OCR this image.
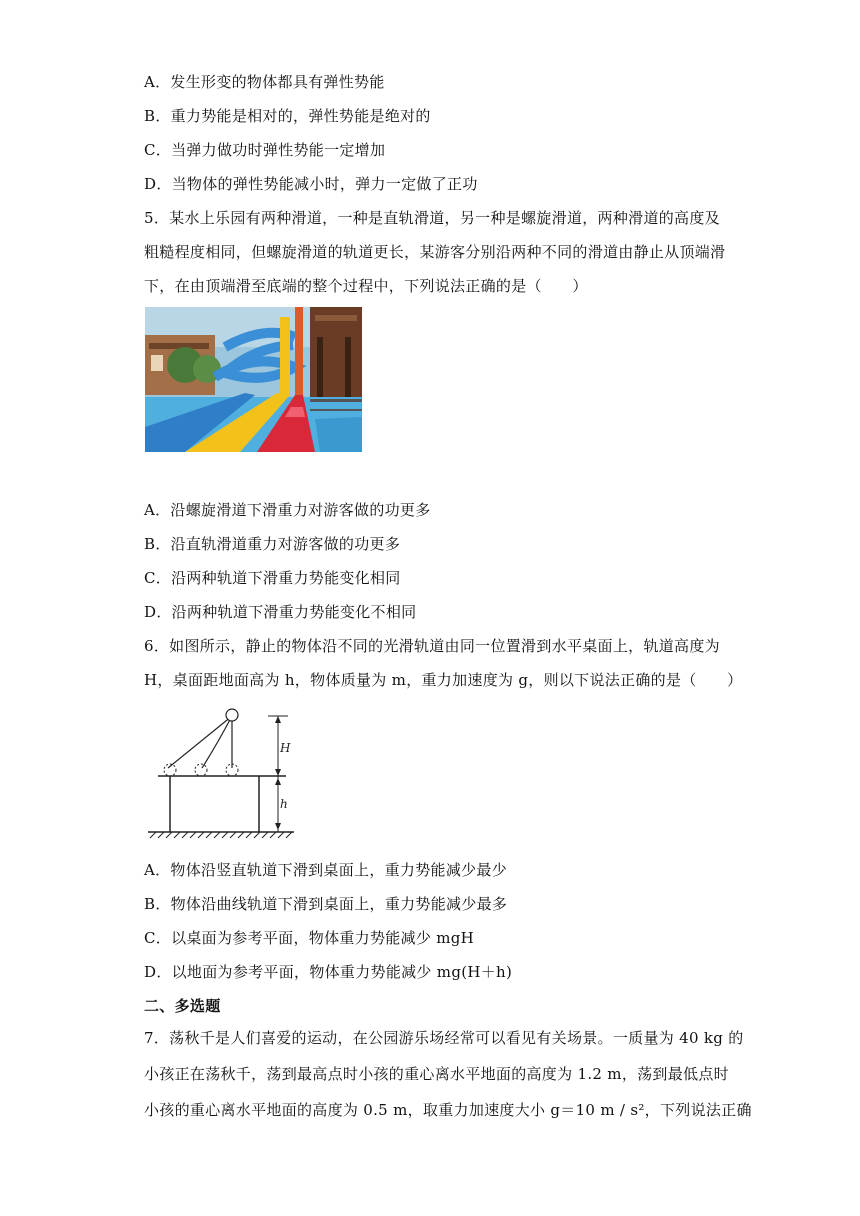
A．发生形变的物体都具有弹性势能
B．重力势能是相对的，弹性势能是绝对的
C．当弹力做功时弹性势能一定增加
D．当物体的弹性势能减小时，弹力一定做了正功
5．某水上乐园有两种滑道，一种是直轨滑道，另一种是螺旋滑道，两种滑道的高度及
粗糙程度相同，但螺旋滑道的轨道更长，某游客分别沿两种不同的滑道由静止从顶端滑
下，在由顶端滑至底端的整个过程中，下列说法正确的是（　　）
A．沿螺旋滑道下滑重力对游客做的功更多
B．沿直轨滑道重力对游客做的功更多
C．沿两种轨道下滑重力势能变化相同
D．沿两种轨道下滑重力势能变化不相同
6．如图所示，静止的物体沿不同的光滑轨道由同一位置滑到水平桌面上，轨道高度为
H，桌面距地面高为 h，物体质量为 m，重力加速度为 g，则以下说法正确的是（　　）
H
h
A．物体沿竖直轨道下滑到桌面上，重力势能减少最少
B．物体沿曲线轨道下滑到桌面上，重力势能减少最多
C．以桌面为参考平面，物体重力势能减少 mgH
D．以地面为参考平面，物体重力势能减少 mg(H＋h)
二、多选题
7．荡秋千是人们喜爱的运动，在公园游乐场经常可以看见有关场景。一质量为 40 kg 的
小孩正在荡秋千，荡到最高点时小孩的重心离水平地面的高度为 1.2 m，荡到最低点时
小孩的重心离水平地面的高度为 0.5 m，取重力加速度大小 g＝10 m / s²，下列说法正确
